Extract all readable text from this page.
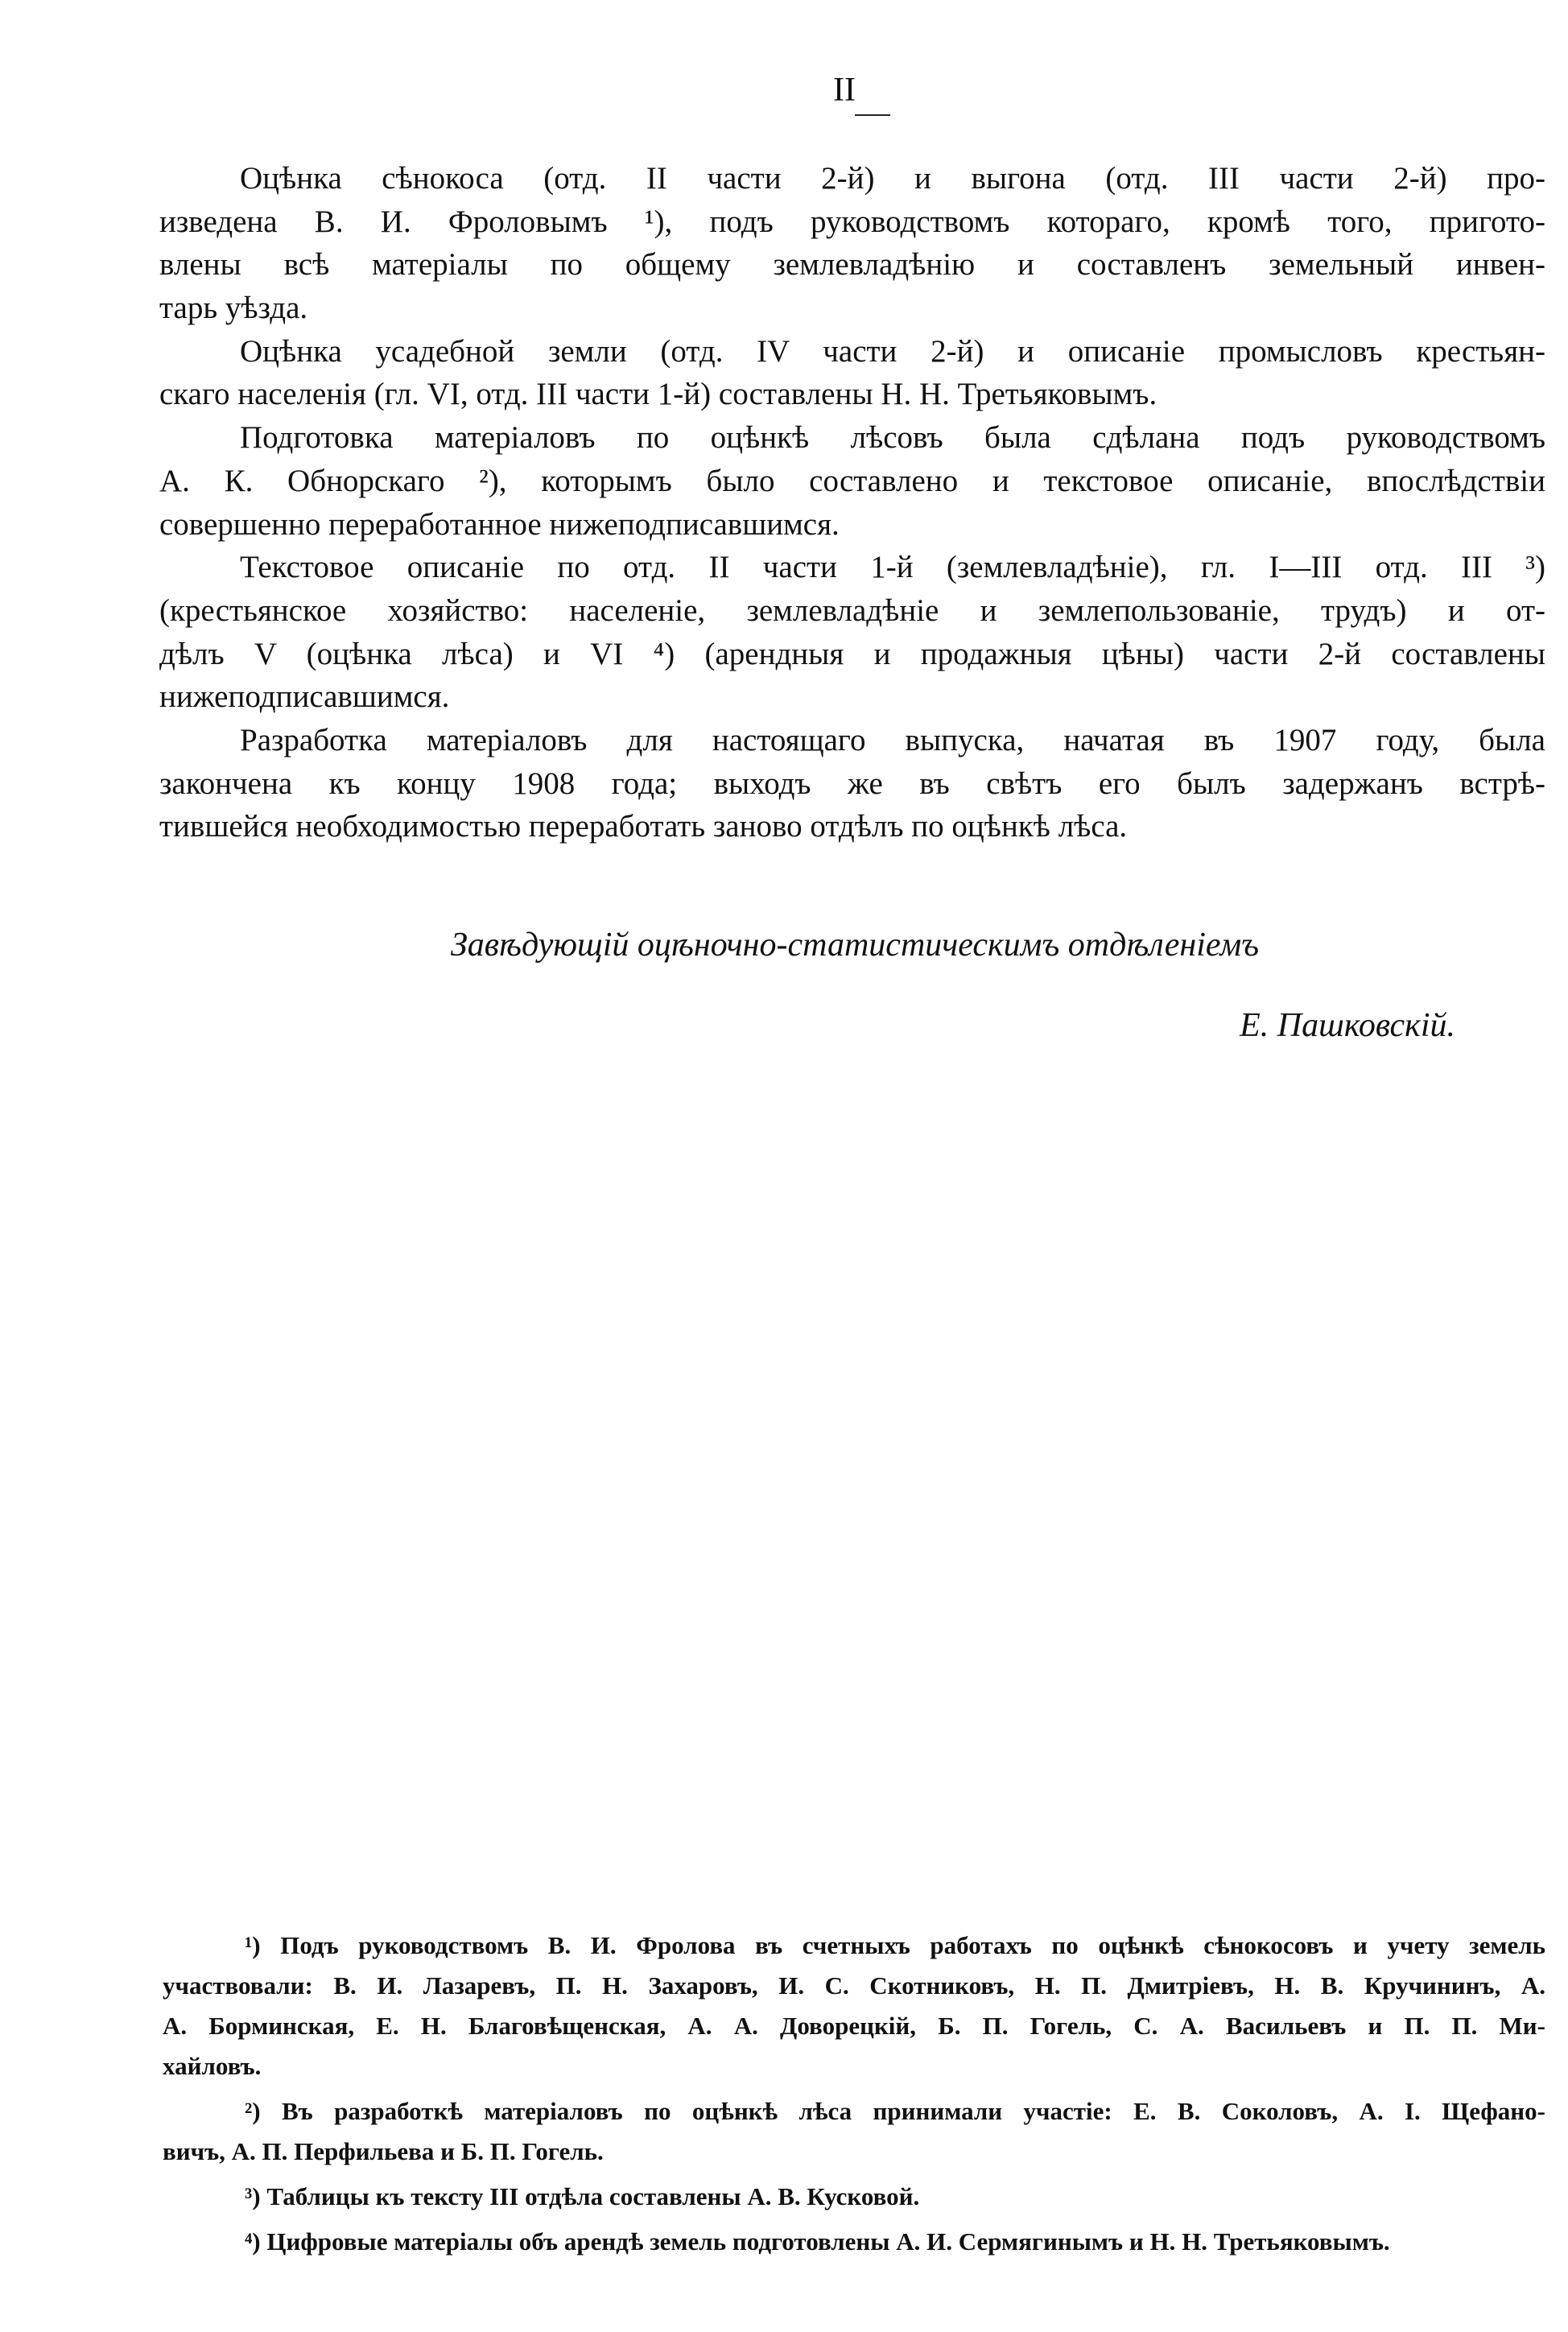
II
Оцѣнка сѣнокоса (отд. II части 2-й) и выгона (отд. III части 2-й) про-
изведена В. И. Фроловымъ ¹), подъ руководствомъ котораго, кромѣ того, пригото-
влены всѣ матеріалы по общему землевладѣнію и составленъ земельный инвен-
тарь уѣзда.
Оцѣнка усадебной земли (отд. IV части 2-й) и описаніе промысловъ крестьян-
скаго населенія (гл. VI, отд. III части 1-й) составлены Н. Н. Третьяковымъ.
Подготовка матеріаловъ по оцѣнкѣ лѣсовъ была сдѣлана подъ руководствомъ
А. К. Обнорскаго ²), которымъ было составлено и текстовое описаніе, впослѣдствіи
совершенно переработанное нижеподписавшимся.
Текстовое описаніе по отд. II части 1-й (землевладѣніе), гл. I—III отд. III ³)
(крестьянское хозяйство: населеніе, землевладѣніе и землепользованіе, трудъ) и от-
дѣлъ V (оцѣнка лѣса) и VI ⁴) (арендныя и продажныя цѣны) части 2-й составлены
нижеподписавшимся.
Разработка матеріаловъ для настоящаго выпуска, начатая въ 1907 году, была
закончена къ концу 1908 года; выходъ же въ свѣтъ его былъ задержанъ встрѣ-
тившейся необходимостью переработать заново отдѣлъ по оцѣнкѣ лѣса.
Завѣдующій оцѣночно-статистическимъ отдѣленіемъ
Е. Пашковскій.
¹) Подъ руководствомъ В. И. Фролова въ счетныхъ работахъ по оцѣнкѣ сѣнокосовъ и учету земель
участвовали: В. И. Лазаревъ, П. Н. Захаровъ, И. С. Скотниковъ, Н. П. Дмитріевъ, Н. В. Кручининъ, А.
А. Борминская, Е. Н. Благовѣщенская, А. А. Доворецкій, Б. П. Гогель, С. А. Васильевъ и П. П. Ми-
хайловъ.
²) Въ разработкѣ матеріаловъ по оцѣнкѣ лѣса принимали участіе: Е. В. Соколовъ, А. І. Щефано-
вичъ, А. П. Перфильева и Б. П. Гогель.
³) Таблицы къ тексту III отдѣла составлены А. В. Кусковой.
⁴) Цифровые матеріалы объ арендѣ земель подготовлены А. И. Сермягинымъ и Н. Н. Третьяковымъ.
